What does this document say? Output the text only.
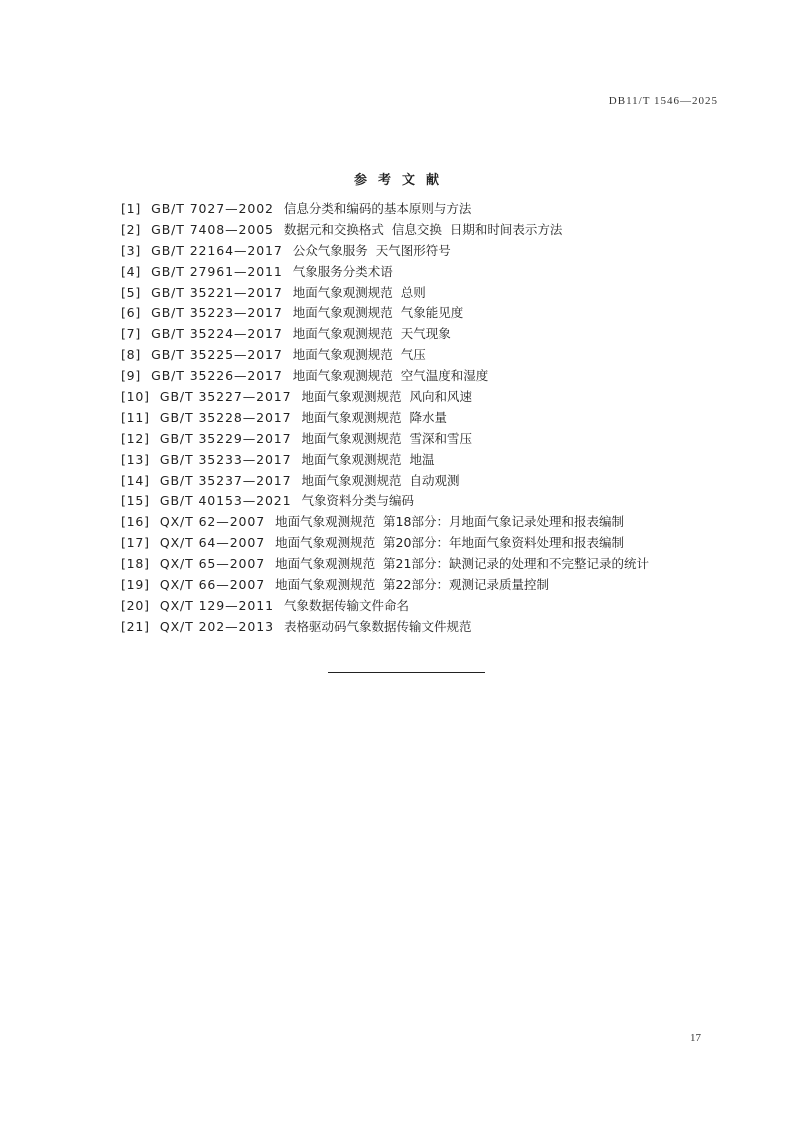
DB11/T 1546—2025
参考文献
[1] GB/T 7027—2002 信息分类和编码的基本原则与方法
[2] GB/T 7408—2005 数据元和交换格式  信息交换  日期和时间表示方法
[3] GB/T 22164—2017 公众气象服务  天气图形符号
[4] GB/T 27961—2011 气象服务分类术语
[5] GB/T 35221—2017 地面气象观测规范  总则
[6] GB/T 35223—2017 地面气象观测规范  气象能见度
[7] GB/T 35224—2017 地面气象观测规范  天气现象
[8] GB/T 35225—2017 地面气象观测规范  气压
[9] GB/T 35226—2017 地面气象观测规范  空气温度和湿度
[10] GB/T 35227—2017 地面气象观测规范  风向和风速
[11] GB/T 35228—2017 地面气象观测规范  降水量
[12] GB/T 35229—2017 地面气象观测规范  雪深和雪压
[13] GB/T 35233—2017 地面气象观测规范  地温
[14] GB/T 35237—2017 地面气象观测规范  自动观测
[15] GB/T 40153—2021 气象资料分类与编码
[16] QX/T 62—2007 地面气象观测规范  第18部分：月地面气象记录处理和报表编制
[17] QX/T 64—2007 地面气象观测规范  第20部分：年地面气象资料处理和报表编制
[18] QX/T 65—2007 地面气象观测规范  第21部分：缺测记录的处理和不完整记录的统计
[19] QX/T 66—2007 地面气象观测规范  第22部分：观测记录质量控制
[20] QX/T 129—2011 气象数据传输文件命名
[21] QX/T 202—2013 表格驱动码气象数据传输文件规范
17
